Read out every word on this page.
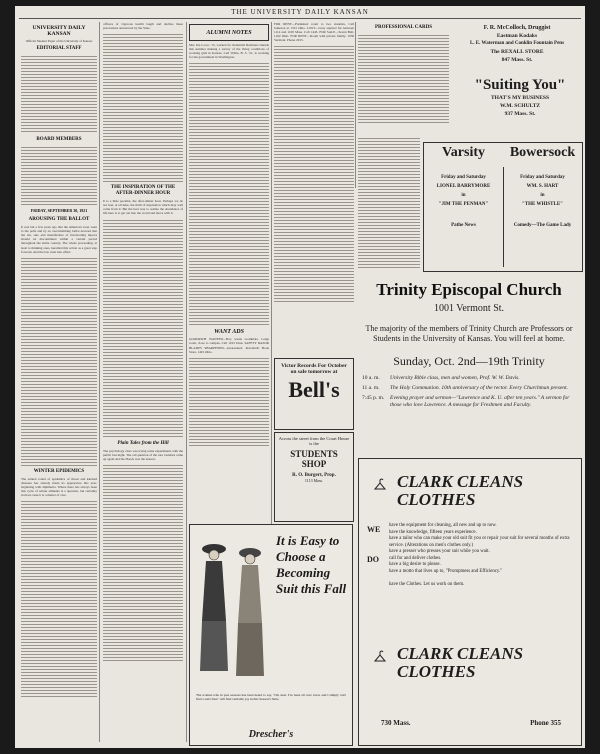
THE UNIVERSITY DAILY KANSAN
UNIVERSITY DAILY KANSAN
Official Student Paper of the University of Kansas
EDITORIAL STAFF

BOARD MEMBERS

FRIDAY, SEPTEMBER 30, 1921
AROUSING THE BALLOT

It was but a few years ago that the American voter went to the polls and by an overwhelming ballot decreed that the tax, sale and manufacture of intoxicating liquors should be discontinued within a certain period throughout the entire country. The whole proceeding, at least to thinking ones, heralded this action as a great step forward. And the law went into effect.

WINTER EPIDEMICS

The annual round of epidemics of throat and kindred diseases has already made its appearance this year, beginning with diphtheria. Where there has always been this cycle of winter ailments is a question, but certainly in most cases it is a matter of care.

officers of vigorous health laugh and decline these precautions announced by the State.

THE INSPIRATION OF THE AFTER-DINNER HOUR

It is a little peculiar, the after-dinner hour. Perhaps we do not feel, at all time, the thrill of inspiration which may well come from it. But the best way to realize the abundance of life here is to get out into the world and move with it.

Plain Tales from the Hill

The psychology class was trying some experiments with the public last night. The old question of the rare varieties came up again and the Hoeck was the answer.

ALUMNI NOTES

Mrs. Ina Lowe, '15, worked for Industrial Relations Oneida this summer making a survey of the living conditions of working girls in Kansas. Carl White, B. S. '21, is working for the government in Washington.

WANT ADS

GOODRICH WANTED—Boy wants roommate. Large room, close to campus. Call 1193 Tenn. SAFETY RAZOR BLADES SHARPENED—Guaranteed. Rowlands' Book Store, 1401 Ohio.

It is Easy to Choose a Becoming Suit this Fall
The women who in past seasons has been heard to say, "Oh, dear, I've been all over town, and I simply can't find a suit I like" will find veritable joy in this Season's Suits.
Drescher's

FOR RENT—Furnished room to two students. Call Jameson at 1315 Ohio. LOST—Gray squirrel fur between 1114 and 1100 Mass. Call 1443. FOR SALE—Seven Bell, 1102 Ohio. FOR RENT—Room with private family. 1030 Vermont. Phone 2015.

Victor Records For October on sale tomorrow at
Bell's
Across the street from the Court House is the
STUDENTS SHOP
R. O. Burgert, Prop.
1113 Mass.
PROFESSIONAL CARDS	F. R. McColloch, Druggist
Eastman Kodaks
L. E. Waterman and Conklin Fountain Pens
The REXALL STORE
847 Mass. St.
"Suiting You"
THAT'S MY BUSINESS
W.M. SCHULTZ
937 Mass. St.
Varsity	Bowersock
Friday and Saturday
LIONEL BARRYMORE
in
"JIM THE PENMAN"
Pathe News
Friday and Saturday
WM. S. HART
in
"THE WHISTLE"
Comedy—The Game Lady

Trinity Episcopal Church
1001 Vermont St.
The majority of the members of Trinity Church are Professors or Students in the University of Kansas. You will feel at home.
Sunday, Oct. 2nd—19th Trinity
10 a. m.	University Bible class, men and women, Prof. W. W. Davis.
11 a. m.	The Holy Communion. 10th anniversary of the rector. Every Churchman present.
7:45 p. m.	Evening prayer and sermon—"Lawrence and K. U. after ten years." A sermon for those who love Lawrence. A message for Freshmen and Faculty.
CLARK CLEANS CLOTHES
WE
DO
have the equipment for cleaning, all new and up to now.
have the knowledge, fifteen years experience.
have a tailor who can make your old suit fit you or repair your suit for several months of extra service. (Alterations on men's clothes only.)
have a presser who presses your suit while you wait.
call for and deliver clothes.
have a big desire to please.
have a motto that lives up to, "Promptness and Efficiency."
have the Clothes. Let us work on them.
CLARK CLEANS CLOTHES
730 Mass.	Phone 355
